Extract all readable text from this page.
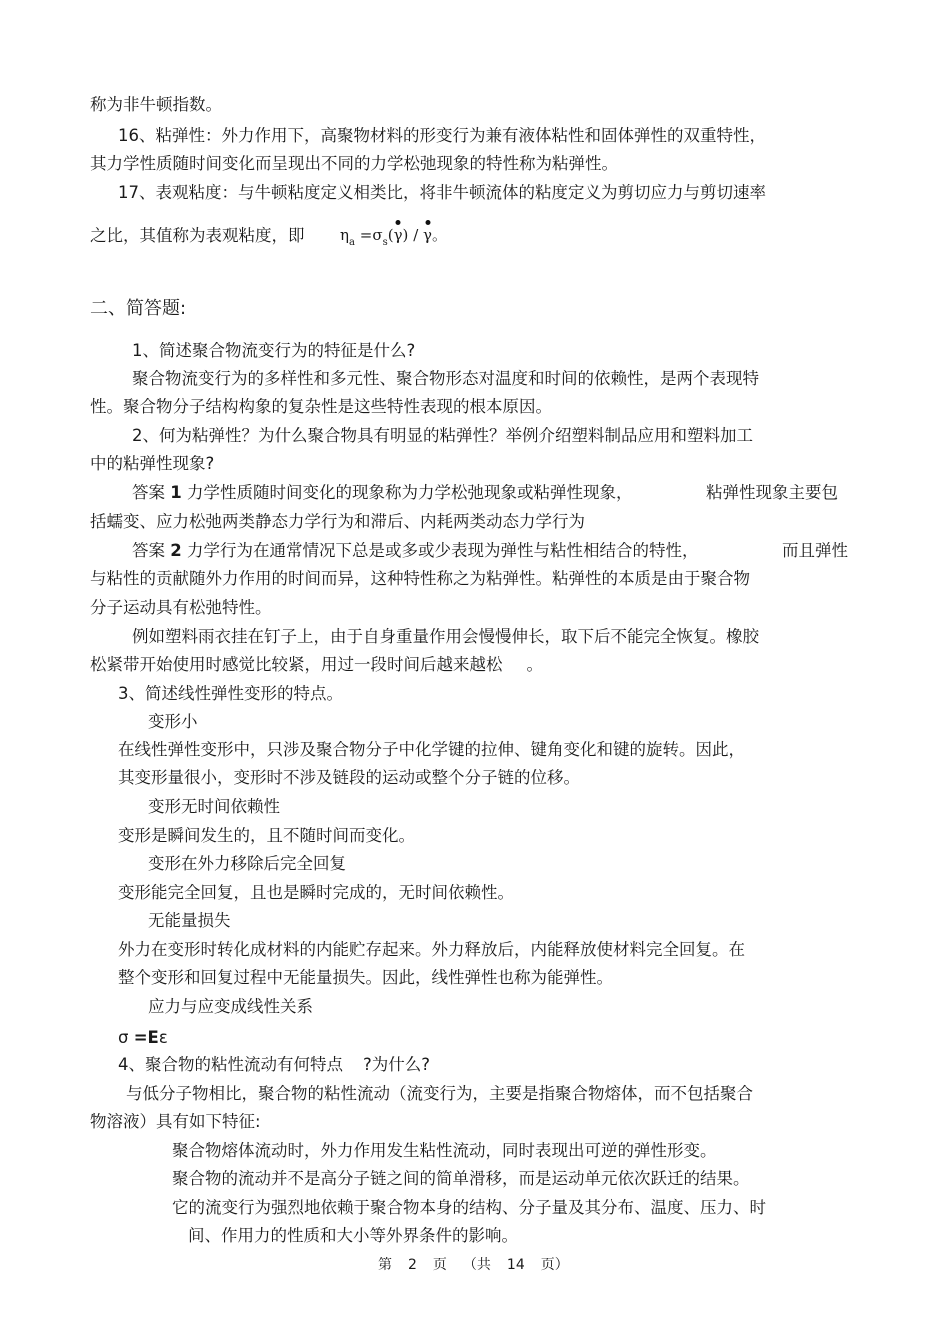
称为非牛顿指数。
16、粘弹性：外力作用下，高聚物材料的形变行为兼有液体粘性和固体弹性的双重特性，
其力学性质随时间变化而呈现出不同的力学松弛现象的特性称为粘弹性。
17、表观粘度：与牛顿粘度定义相类比，将非牛顿流体的粘度定义为剪切应力与剪切速率
之比，其值称为表观粘度，即 $\eta_a =\sigma_s(\gamma) / \gamma$。
二、简答题:
1、简述聚合物流变行为的特征是什么?
聚合物流变行为的多样性和多元性、聚合物形态对温度和时间的依赖性，是两个表现特
性。聚合物分子结构构象的复杂性是这些特性表现的根本原因。
2、何为粘弹性？为什么聚合物具有明显的粘弹性？举例介绍塑料制品应用和塑料加工
中的粘弹性现象?
答案 1 力学性质随时间变化的现象称为力学松弛现象或粘弹性现象，	粘弹性现象主要包
括蠕变、应力松弛两类静态力学行为和滞后、内耗两类动态力学行为
答案 2 力学行为在通常情况下总是或多或少表现为弹性与粘性相结合的特性，	而且弹性
与粘性的贡献随外力作用的时间而异，这种特性称之为粘弹性。粘弹性的本质是由于聚合物
分子运动具有松弛特性。
例如塑料雨衣挂在钉子上，由于自身重量作用会慢慢伸长，取下后不能完全恢复。橡胶
松紧带开始使用时感觉比较紧，用过一段时间后越来越松 。
3、简述线性弹性变形的特点。
变形小
在线性弹性变形中，只涉及聚合物分子中化学键的拉伸、键角变化和键的旋转。因此，
其变形量很小，变形时不涉及链段的运动或整个分子链的位移。
变形无时间依赖性
变形是瞬间发生的，且不随时间而变化。
变形在外力移除后完全回复
变形能完全回复，且也是瞬时完成的，无时间依赖性。
无能量损失
外力在变形时转化成材料的内能贮存起来。外力释放后，内能释放使材料完全回复。在
整个变形和回复过程中无能量损失。因此，线性弹性也称为能弹性。
应力与应变成线性关系
σ =Eε
4、聚合物的粘性流动有何特点 ?为什么?
与低分子物相比，聚合物的粘性流动（流变行为，主要是指聚合物熔体，而不包括聚合
物溶液）具有如下特征:
聚合物熔体流动时，外力作用发生粘性流动，同时表现出可逆的弹性形变。
聚合物的流动并不是高分子链之间的简单滑移，而是运动单元依次跃迁的结果。
它的流变行为强烈地依赖于聚合物本身的结构、分子量及其分布、温度、压力、时
间、作用力的性质和大小等外界条件的影响。
第 2 页 （共 14 页）
